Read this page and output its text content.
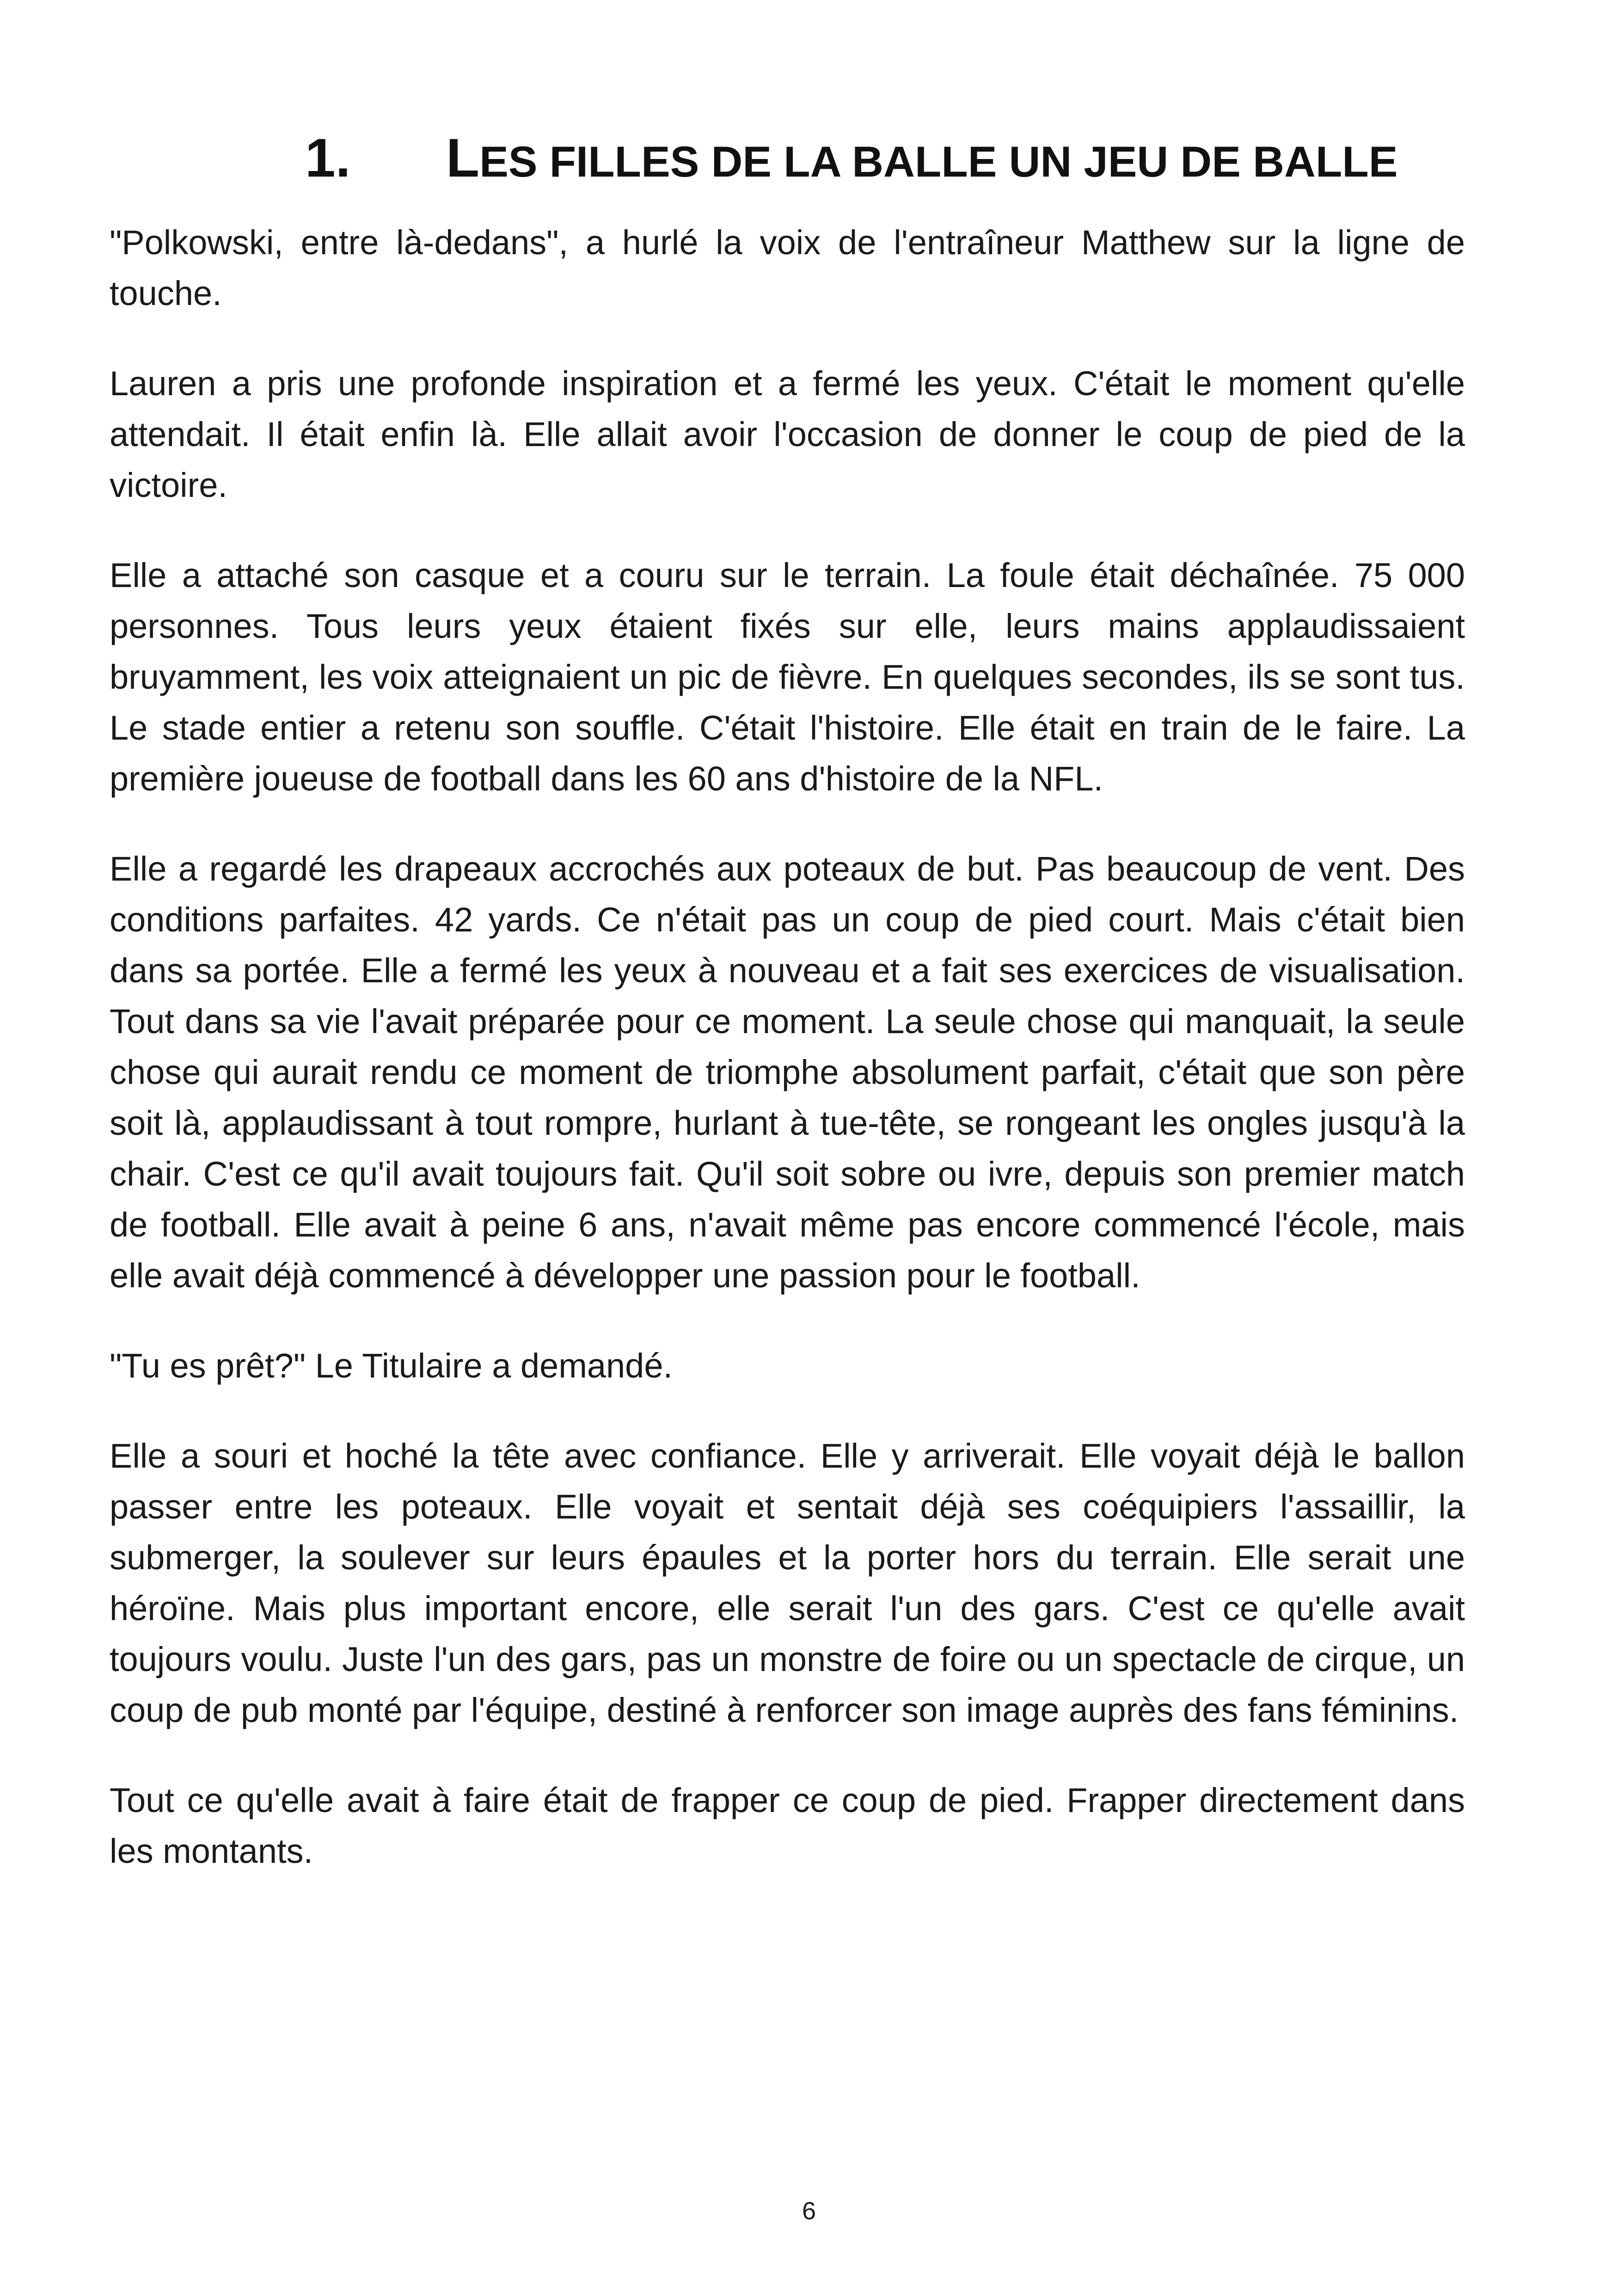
1. LES FILLES DE LA BALLE UN JEU DE BALLE

"Polkowski, entre là-dedans", a hurlé la voix de l'entraîneur Matthew sur la ligne de touche.

Lauren a pris une profonde inspiration et a fermé les yeux. C'était le moment qu'elle attendait. Il était enfin là. Elle allait avoir l'occasion de donner le coup de pied de la victoire.

Elle a attaché son casque et a couru sur le terrain. La foule était déchaînée. 75 000 personnes. Tous leurs yeux étaient fixés sur elle, leurs mains applaudissaient bruyamment, les voix atteignaient un pic de fièvre. En quelques secondes, ils se sont tus. Le stade entier a retenu son souffle. C'était l'histoire. Elle était en train de le faire. La première joueuse de football dans les 60 ans d'histoire de la NFL.

Elle a regardé les drapeaux accrochés aux poteaux de but. Pas beaucoup de vent. Des conditions parfaites. 42 yards. Ce n'était pas un coup de pied court. Mais c'était bien dans sa portée. Elle a fermé les yeux à nouveau et a fait ses exercices de visualisation. Tout dans sa vie l'avait préparée pour ce moment. La seule chose qui manquait, la seule chose qui aurait rendu ce moment de triomphe absolument parfait, c'était que son père soit là, applaudissant à tout rompre, hurlant à tue-tête, se rongeant les ongles jusqu'à la chair. C'est ce qu'il avait toujours fait. Qu'il soit sobre ou ivre, depuis son premier match de football. Elle avait à peine 6 ans, n'avait même pas encore commencé l'école, mais elle avait déjà commencé à développer une passion pour le football.

"Tu es prêt?" Le Titulaire a demandé.

Elle a souri et hoché la tête avec confiance. Elle y arriverait. Elle voyait déjà le ballon passer entre les poteaux. Elle voyait et sentait déjà ses coéquipiers l'assaillir, la submerger, la soulever sur leurs épaules et la porter hors du terrain. Elle serait une héroïne. Mais plus important encore, elle serait l'un des gars. C'est ce qu'elle avait toujours voulu. Juste l'un des gars, pas un monstre de foire ou un spectacle de cirque, un coup de pub monté par l'équipe, destiné à renforcer son image auprès des fans féminins.

Tout ce qu'elle avait à faire était de frapper ce coup de pied. Frapper directement dans les montants.

6
